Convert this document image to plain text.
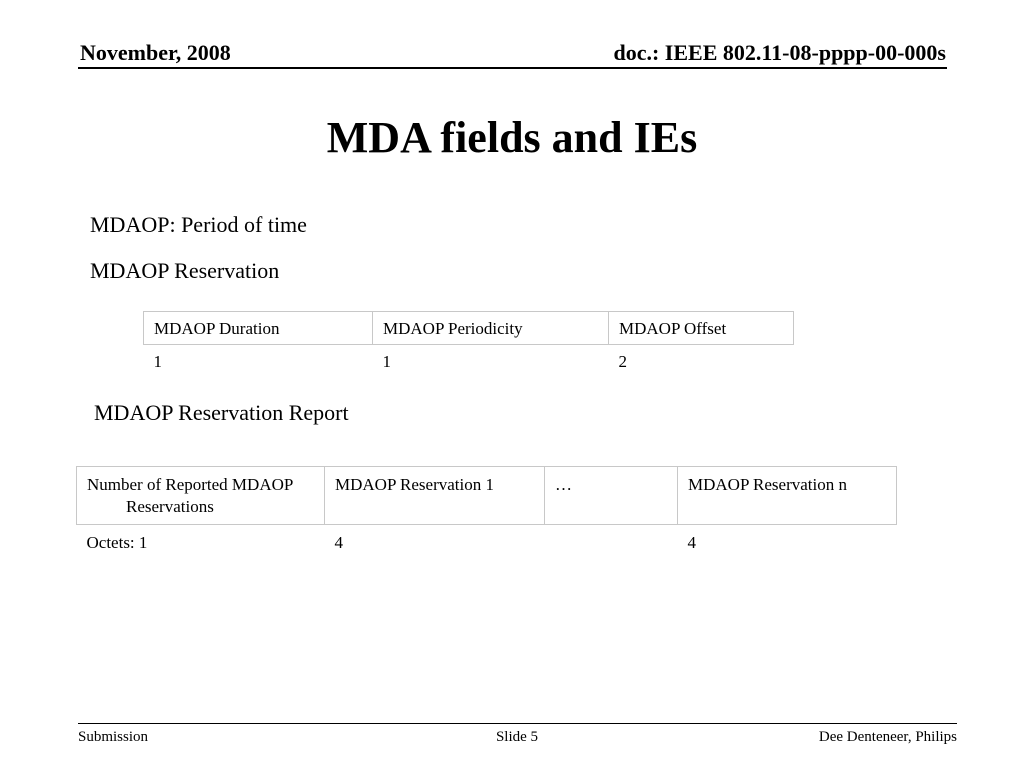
November, 2008	doc.: IEEE 802.11-08-pppp-00-000s
MDA fields and IEs
MDAOP: Period of time
MDAOP Reservation
MDAOP Duration	MDAOP Periodicity	MDAOP Offset
1	1	2
MDAOP Reservation Report
Number of Reported MDAOP Reservations	MDAOP Reservation 1	…	MDAOP Reservation n
Octets: 1	4		4
Submission	Slide 5	Dee Denteneer, Philips
